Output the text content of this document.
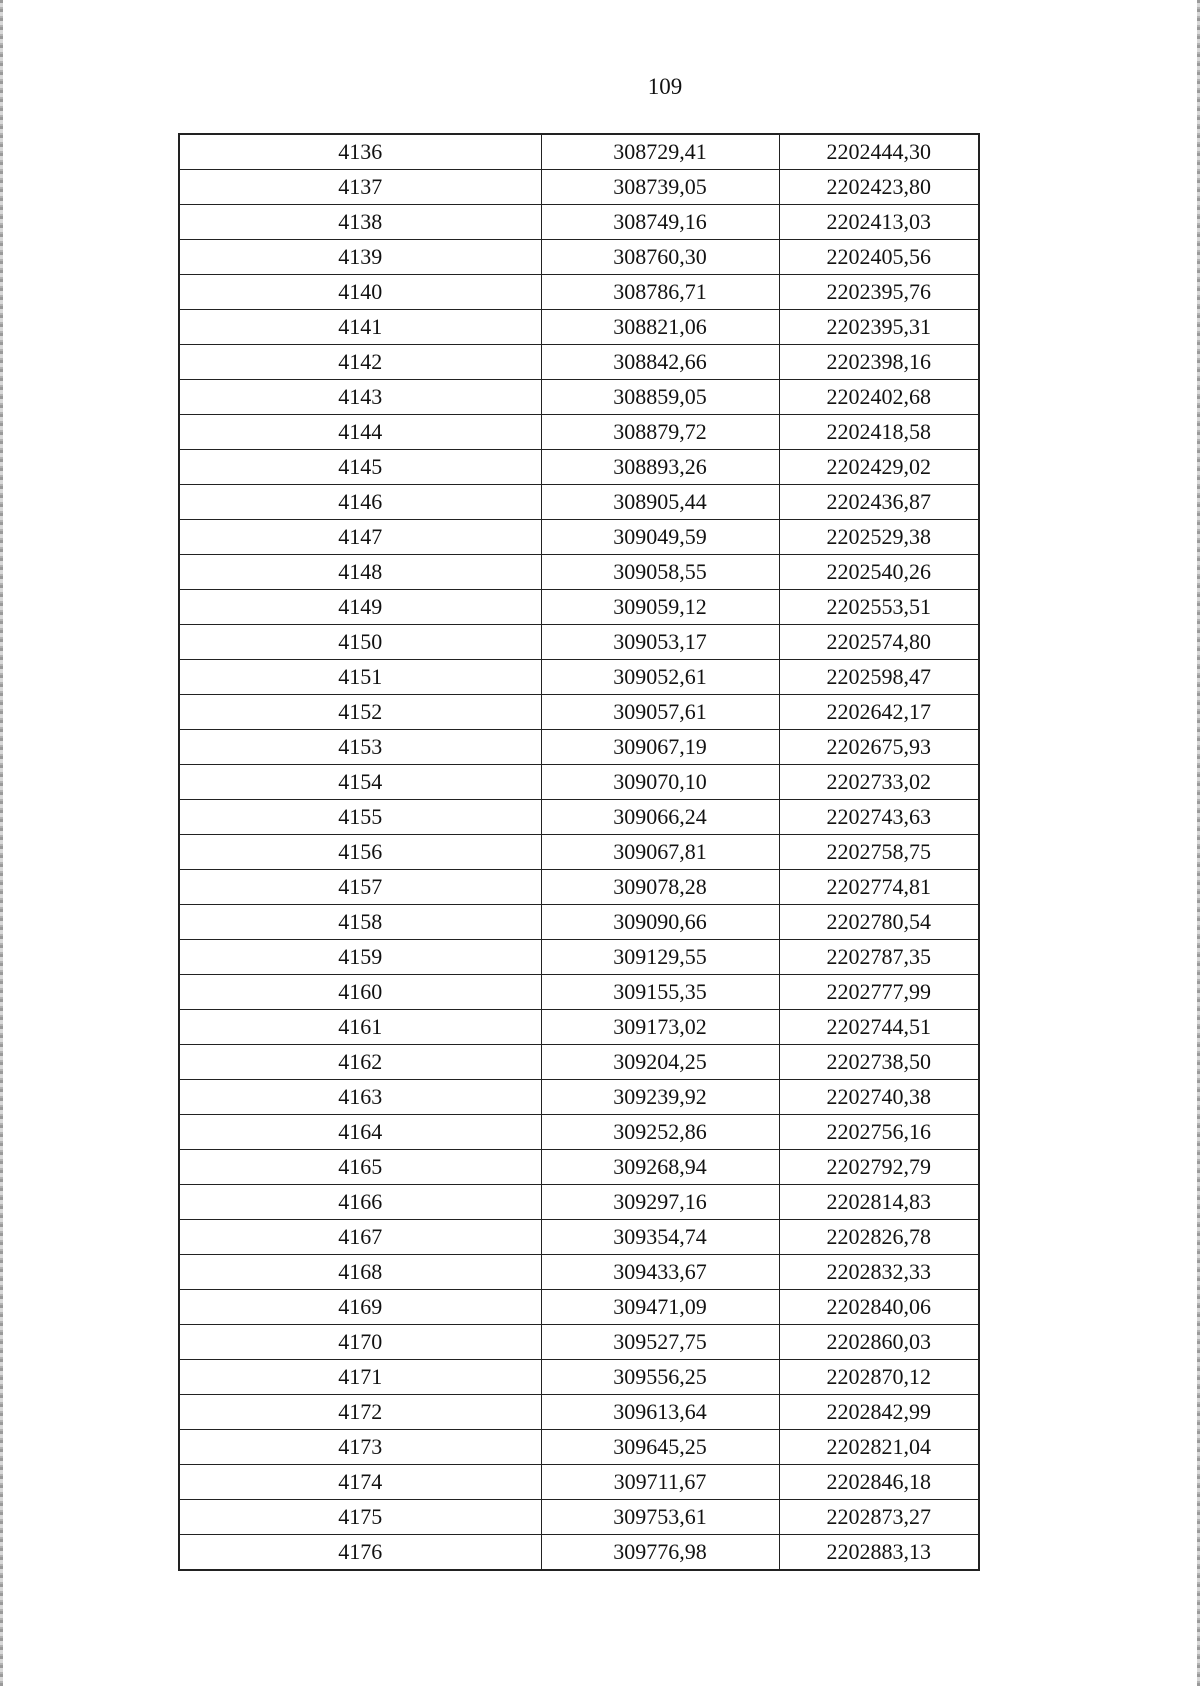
109
4136	308729,41	2202444,30
4137	308739,05	2202423,80
4138	308749,16	2202413,03
4139	308760,30	2202405,56
4140	308786,71	2202395,76
4141	308821,06	2202395,31
4142	308842,66	2202398,16
4143	308859,05	2202402,68
4144	308879,72	2202418,58
4145	308893,26	2202429,02
4146	308905,44	2202436,87
4147	309049,59	2202529,38
4148	309058,55	2202540,26
4149	309059,12	2202553,51
4150	309053,17	2202574,80
4151	309052,61	2202598,47
4152	309057,61	2202642,17
4153	309067,19	2202675,93
4154	309070,10	2202733,02
4155	309066,24	2202743,63
4156	309067,81	2202758,75
4157	309078,28	2202774,81
4158	309090,66	2202780,54
4159	309129,55	2202787,35
4160	309155,35	2202777,99
4161	309173,02	2202744,51
4162	309204,25	2202738,50
4163	309239,92	2202740,38
4164	309252,86	2202756,16
4165	309268,94	2202792,79
4166	309297,16	2202814,83
4167	309354,74	2202826,78
4168	309433,67	2202832,33
4169	309471,09	2202840,06
4170	309527,75	2202860,03
4171	309556,25	2202870,12
4172	309613,64	2202842,99
4173	309645,25	2202821,04
4174	309711,67	2202846,18
4175	309753,61	2202873,27
4176	309776,98	2202883,13
